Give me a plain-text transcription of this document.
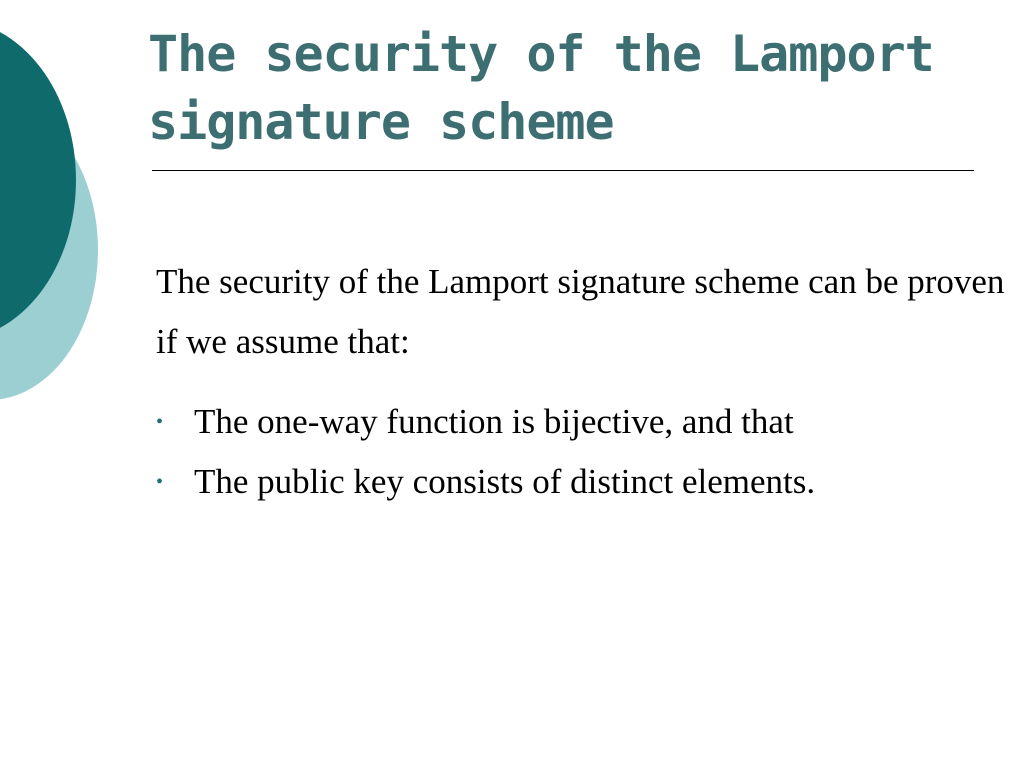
The security of the Lamport signature scheme

The security of the Lamport signature scheme can be proven if we assume that:

• The one-way function is bijective, and that
• The public key consists of distinct elements.
